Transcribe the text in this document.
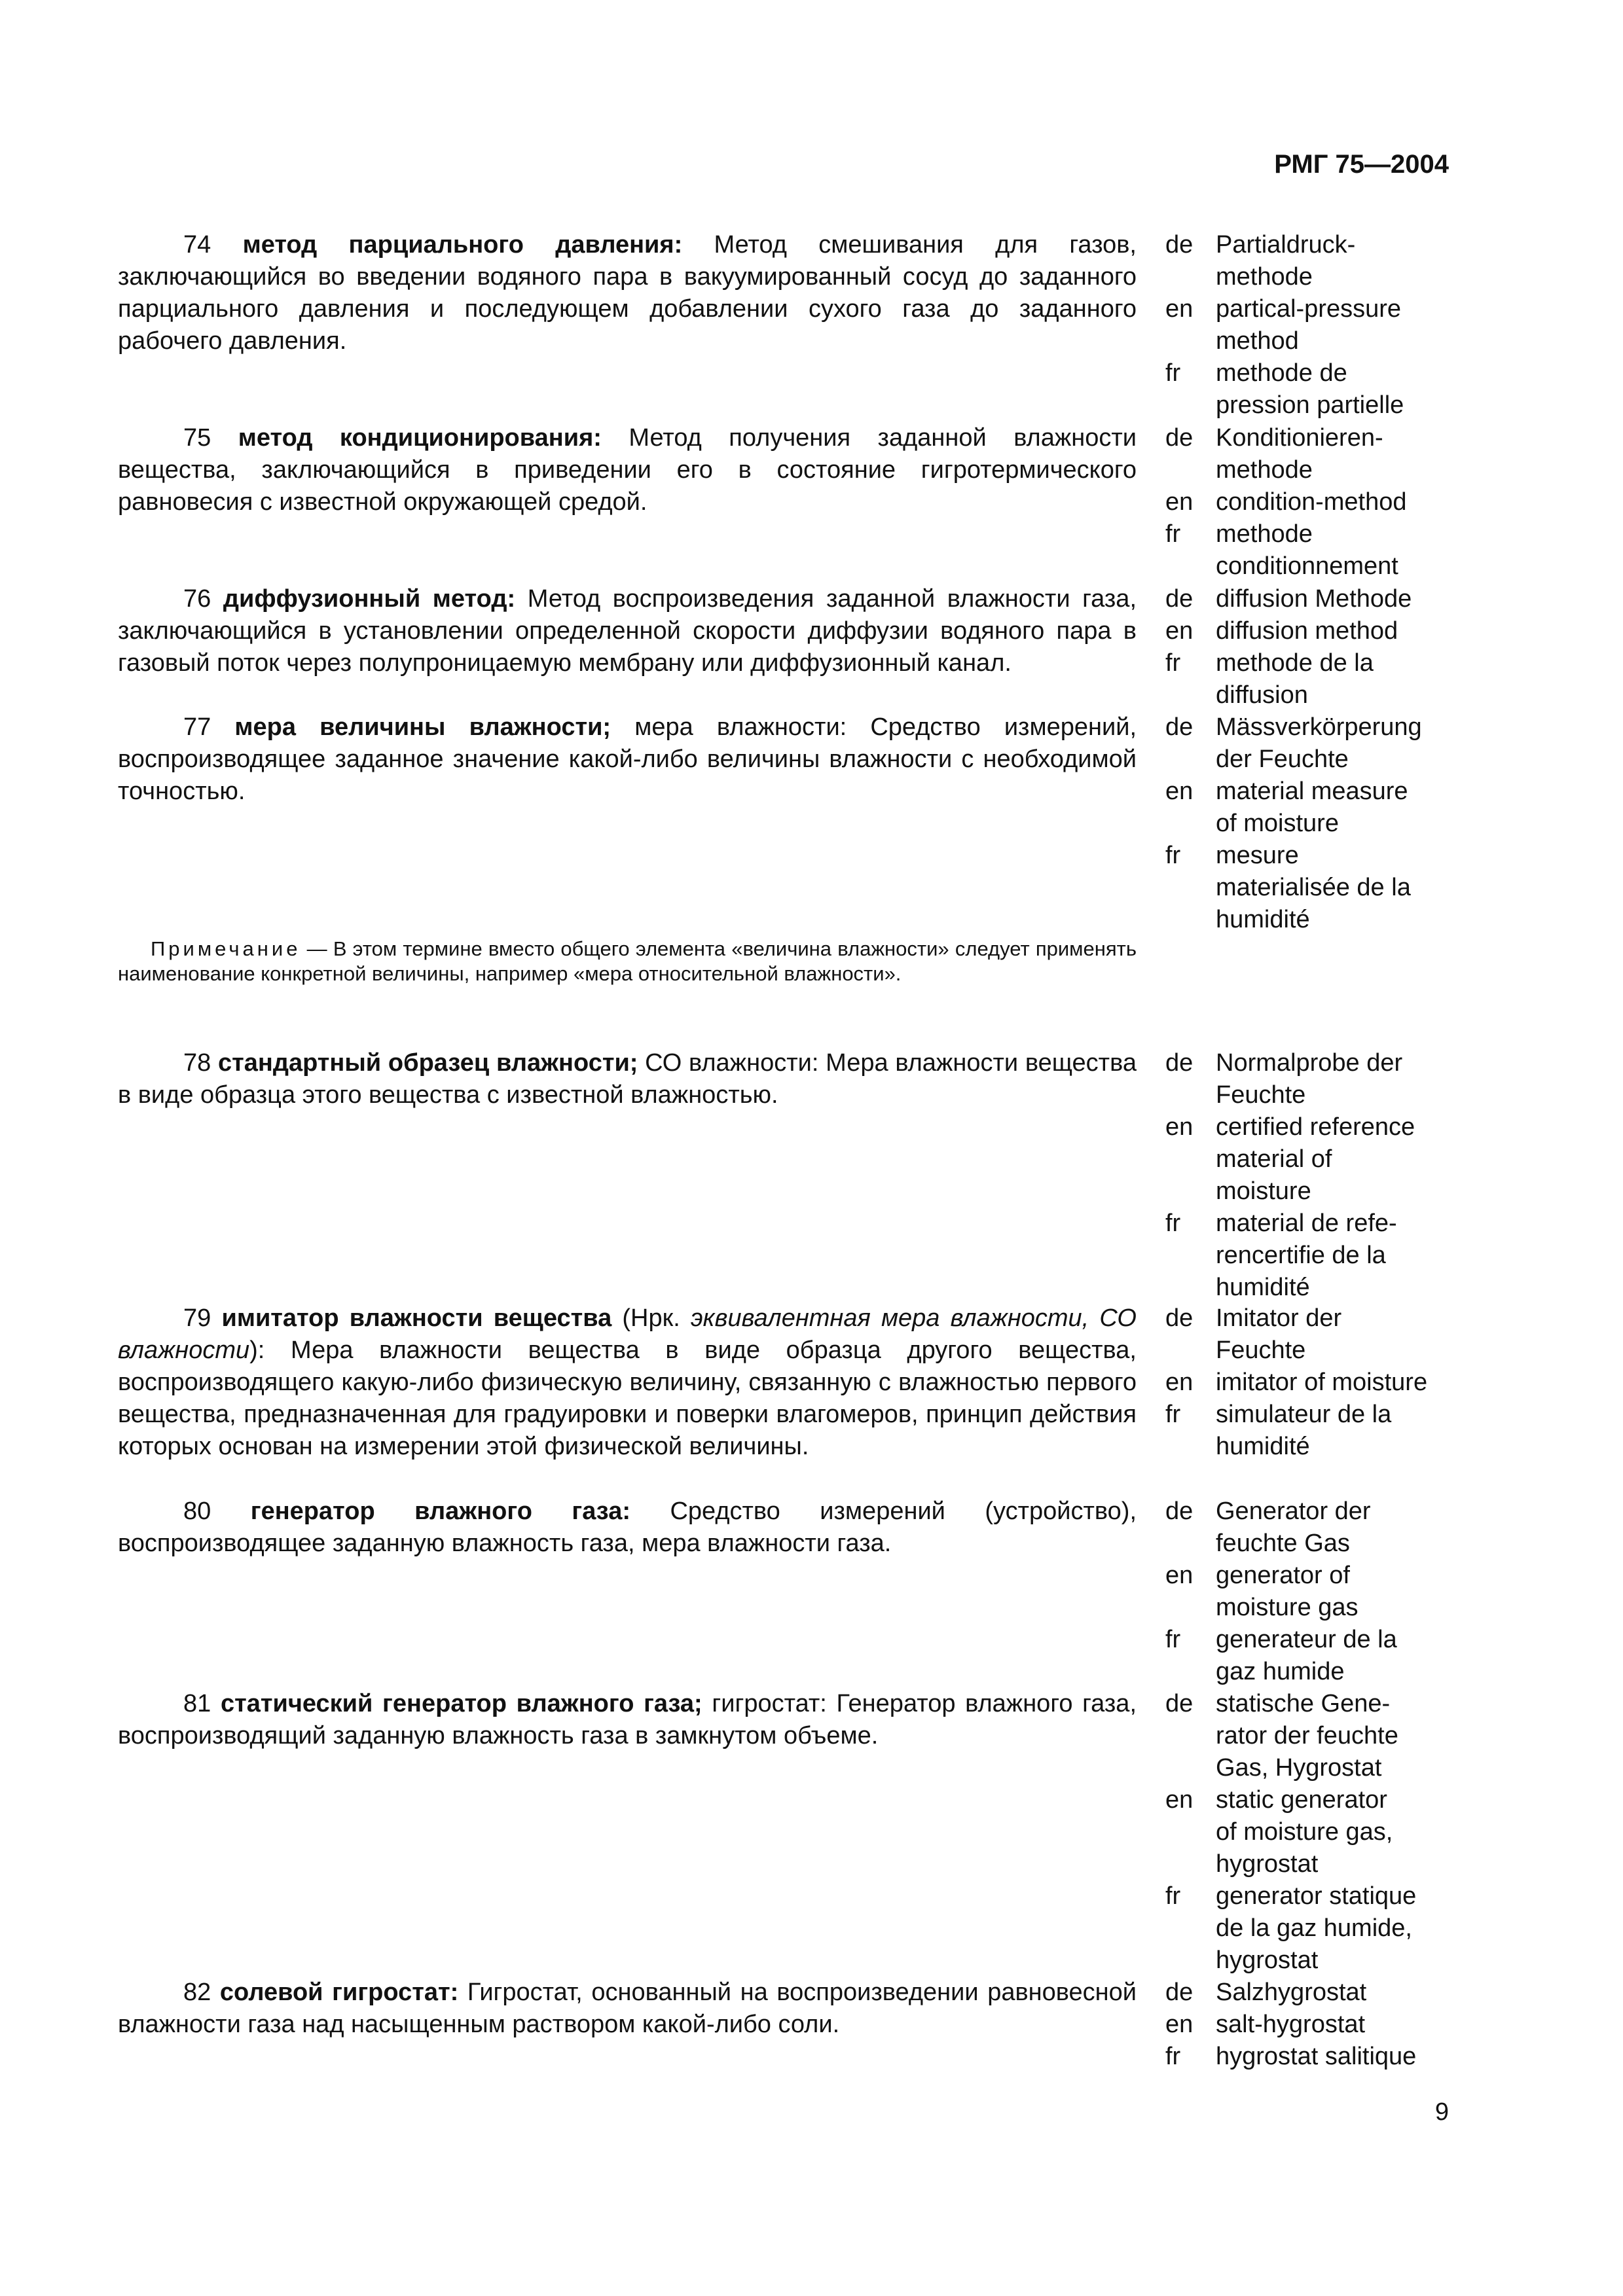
РМГ 75—2004

74 метод парциального давления: Метод смешивания для газов, заключающийся во введении водяного пара в вакуумированный сосуд до заданного парциального давления и последующем добавлении сухого газа до заданного рабочего давления.

de Partialdruck-
methode
en partical-pressure
method
fr	methode de
pression partielle

75 метод кондиционирования: Метод получения заданной влажности вещества, заключающийся в приведении его в состояние гигротермического равновесия с известной окружающей средой.

de Konditionieren-
methode
en condition-method
fr	methode
conditionnement

76 диффузионный метод: Метод воспроизведения заданной влажности газа, заключающийся в установлении определенной скорости диффузии водяного пара в газовый поток через полупроницаемую мембрану или диффузионный канал.

de diffusion Methode
en diffusion method
fr	methode de la
diffusion

77 мера величины влажности; мера влажности: Средство измерений, воспроизводящее заданное значение какой-либо величины влажности с необходимой точностью.

de Mässverkörperung
der Feuchte
en material measure
of moisture
fr	mesure
materialisée de la
humidité

Примечание — В этом термине вместо общего элемента «величина влажности» следует применять наименование конкретной величины, например «мера относительной влажности».

78 стандартный образец влажности; СО влажности: Мера влажности вещества в виде образца этого вещества с известной влажностью.

de Normalprobe der
Feuchte
en certified reference
material of
moisture
fr	material de refe-
rencertifie de la
humidité

79 имитатор влажности вещества (Нрк. эквивалентная мера влажности, СО влажности): Мера влажности вещества в виде образца другого вещества, воспроизводящего какую-либо физическую величину, связанную с влажностью первого вещества, предназначенная для градуировки и поверки влагомеров, принцип действия которых основан на измерении этой физической величины.

de Imitator der
Feuchte
en imitator of moisture
fr	simulateur de la
humidité

80 генератор влажного газа: Средство измерений (устройство), воспроизводящее заданную влажность газа, мера влажности газа.

de Generator der
feuchte Gas
en generator of
moisture gas
fr	generateur de la
gaz humide

81 статический генератор влажного газа; гигростат: Генератор влажного газа, воспроизводящий заданную влажность газа в замкнутом объеме.

de statische Gene-
rator der feuchte
Gas, Hygrostat
en static generator
of moisture gas,
hygrostat
fr	generator statique
de la gaz humide,
hygrostat

82 солевой гигростат: Гигростат, основанный на воспроизведении равновесной влажности газа над насыщенным раствором какой-либо соли.

de Salzhygrostat
en salt-hygrostat
fr	hygrostat salitique
9
